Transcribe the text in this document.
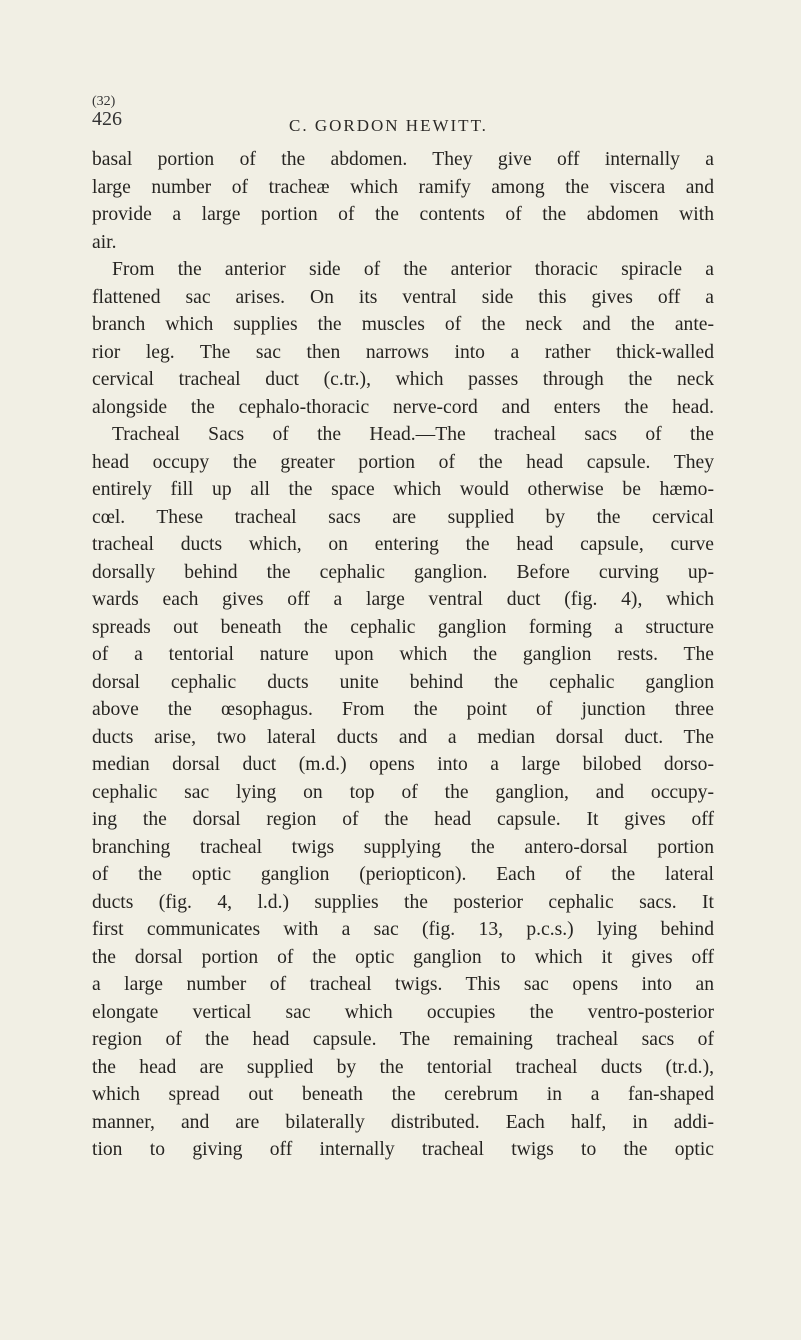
(32)
426	C. GORDON HEWITT.
basal portion of the abdomen. They give off internally a
large number of tracheæ which ramify among the viscera and
provide a large portion of the contents of the abdomen with
air.
From the anterior side of the anterior thoracic spiracle a
flattened sac arises. On its ventral side this gives off a
branch which supplies the muscles of the neck and the ante-
rior leg. The sac then narrows into a rather thick-walled
cervical tracheal duct (c.tr.), which passes through the neck
alongside the cephalo-thoracic nerve-cord and enters the head.
Tracheal Sacs of the Head.—The tracheal sacs of the
head occupy the greater portion of the head capsule. They
entirely fill up all the space which would otherwise be hæmo-
cœl. These tracheal sacs are supplied by the cervical
tracheal ducts which, on entering the head capsule, curve
dorsally behind the cephalic ganglion. Before curving up-
wards each gives off a large ventral duct (fig. 4), which
spreads out beneath the cephalic ganglion forming a structure
of a tentorial nature upon which the ganglion rests. The
dorsal cephalic ducts unite behind the cephalic ganglion
above the œsophagus. From the point of junction three
ducts arise, two lateral ducts and a median dorsal duct. The
median dorsal duct (m.d.) opens into a large bilobed dorso-
cephalic sac lying on top of the ganglion, and occupy-
ing the dorsal region of the head capsule. It gives off
branching tracheal twigs supplying the antero-dorsal portion
of the optic ganglion (periopticon). Each of the lateral
ducts (fig. 4, l.d.) supplies the posterior cephalic sacs. It
first communicates with a sac (fig. 13, p.c.s.) lying behind
the dorsal portion of the optic ganglion to which it gives off
a large number of tracheal twigs. This sac opens into an
elongate vertical sac which occupies the ventro-posterior
region of the head capsule. The remaining tracheal sacs of
the head are supplied by the tentorial tracheal ducts (tr.d.),
which spread out beneath the cerebrum in a fan-shaped
manner, and are bilaterally distributed. Each half, in addi-
tion to giving off internally tracheal twigs to the optic
